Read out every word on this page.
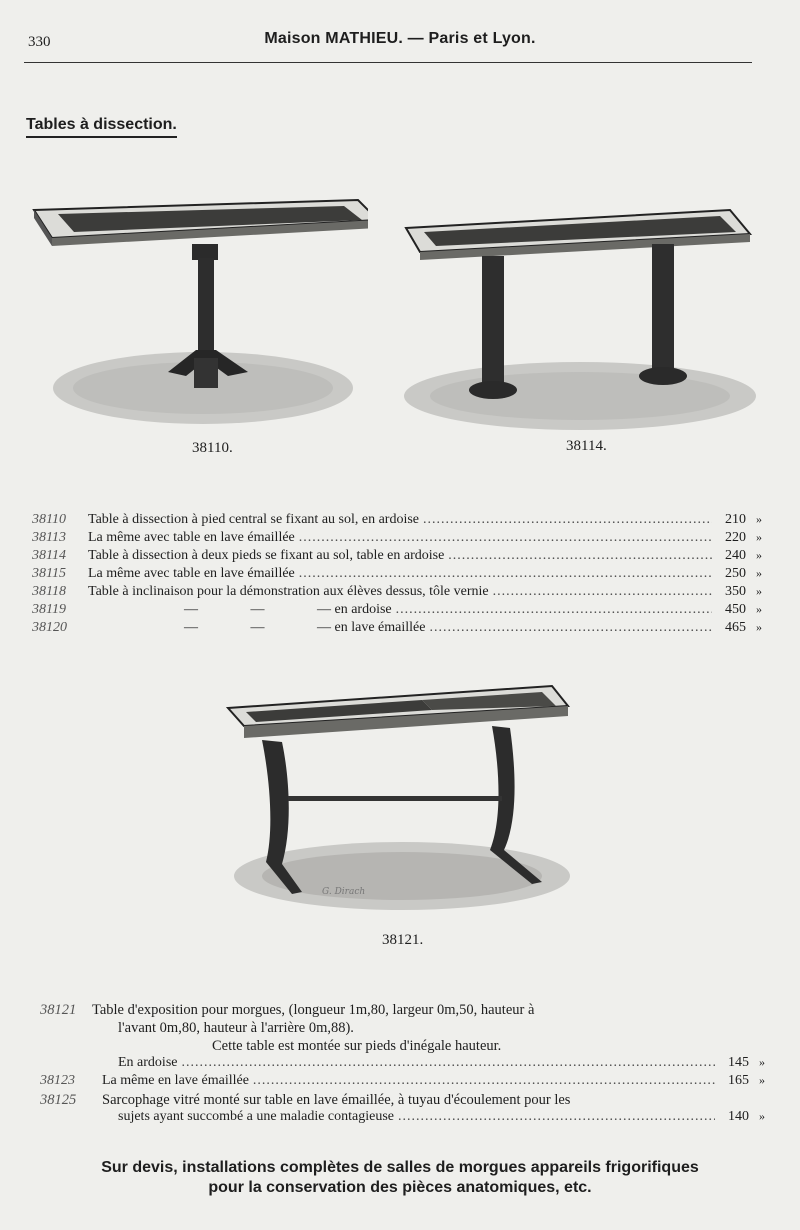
330	Maison MATHIEU. — Paris et Lyon.
Tables à dissection.
38110.	38114.
38110	Table à dissection à pied central se fixant au sol, en ardoise .....	210 »
38113	La même avec table en lave émaillée .....	220 »
38114	Table à dissection à deux pieds se fixant au sol, table en ardoise .....	240 »
38115	La même avec table en lave émaillée .....	250 »
38118	Table à inclinaison pour la démonstration aux élèves dessus, tôle vernie .....	350 »
38119	—               —               — en ardoise .....	450 »
38120	—               —               — en lave émaillée .....	465 »
G. Dirach
38121.
38121	Table d'exposition pour morgues, (longueur 1m,80, largeur 0m,50, hauteur à
l'avant 0m,80, hauteur à l'arrière 0m,88).
Cette table est montée sur pieds d'inégale hauteur.
En ardoise .....	145 »
38123	La même en lave émaillée .....	165 »
38125	Sarcophage vitré monté sur table en lave émaillée, à tuyau d'écoulement pour les
sujets ayant succombé a une maladie contagieuse .....	140 »
Sur devis, installations complètes de salles de morgues appareils frigorifiques
pour la conservation des pièces anatomiques, etc.
